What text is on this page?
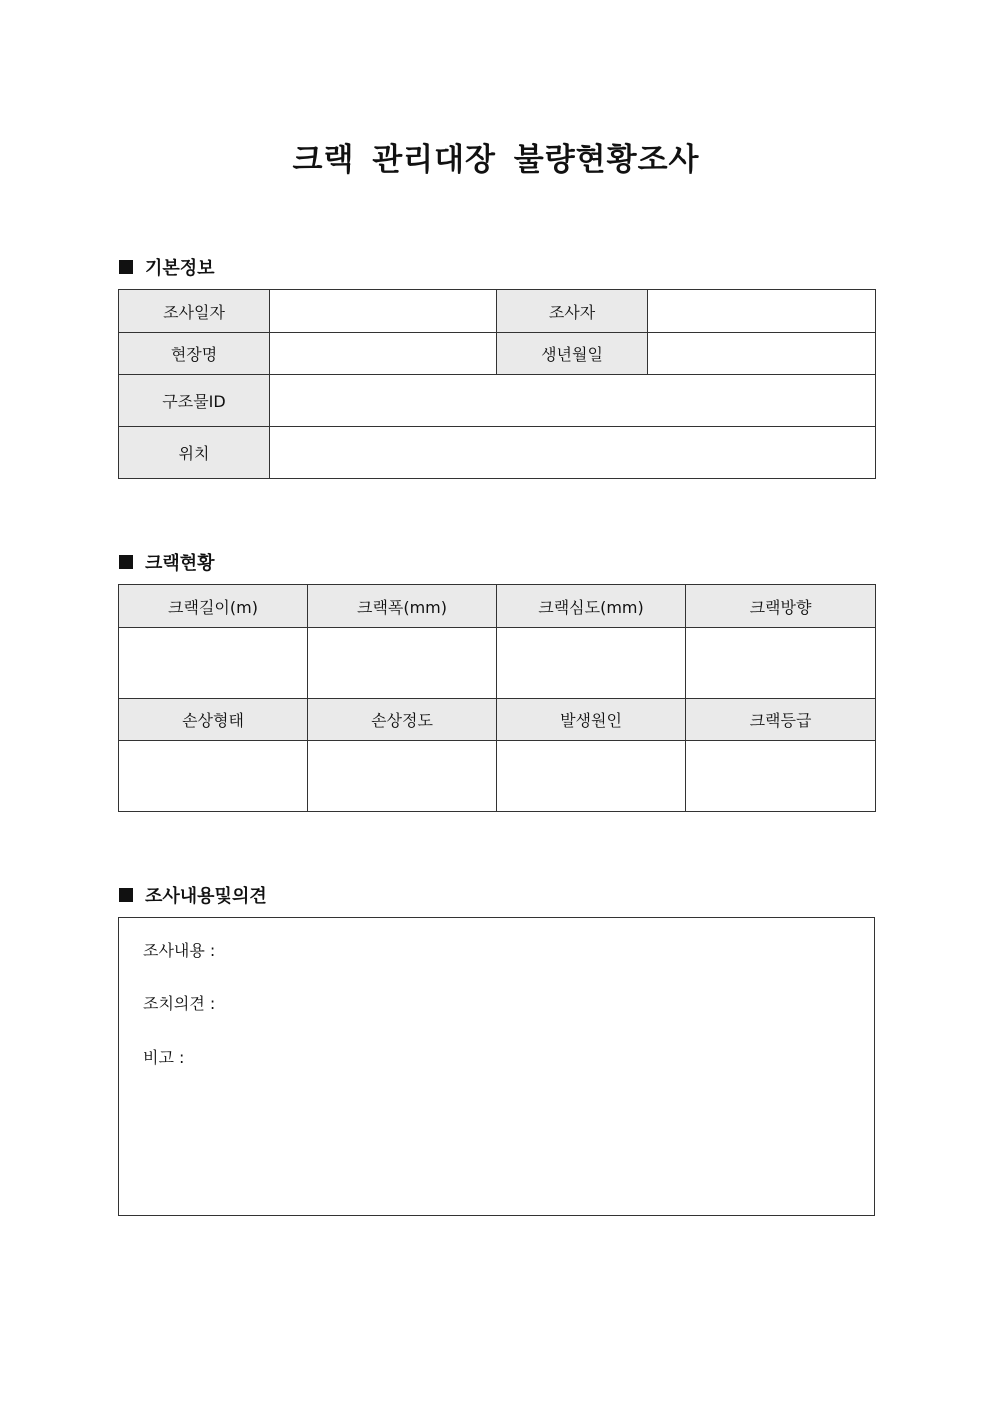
크랙 관리대장 불량현황조사
기본정보
조사일자		조사자	
현장명		생년월일	
구조물ID			
위치			
크랙현황
크랙길이(m)	크랙폭(mm)	크랙심도(mm)	크랙방향

손상형태	손상정도	발생원인	크랙등급

조사내용및의견

조사내용 :

조치의견 :

비고 :
